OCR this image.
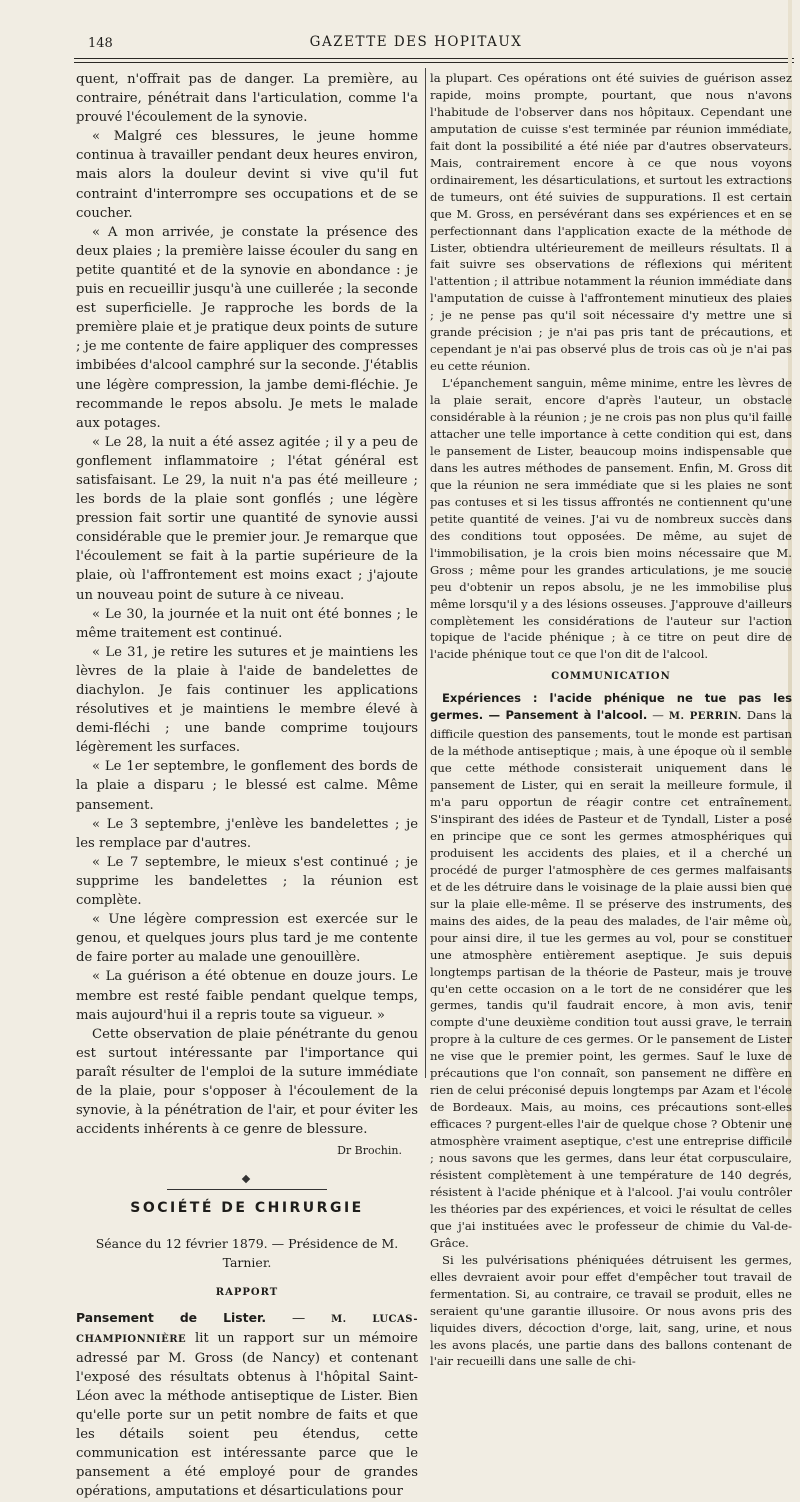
148	GAZETTE DES HOPITAUX

quent, n'offrait pas de danger. La première, au contraire, pénétrait dans l'articulation, comme l'a prouvé l'écoulement de la synovie.

« Malgré ces blessures, le jeune homme continua à travailler pendant deux heures environ, mais alors la douleur devint si vive qu'il fut contraint d'interrompre ses occupations et de se coucher.

« A mon arrivée, je constate la présence des deux plaies ; la première laisse écouler du sang en petite quantité et de la synovie en abondance : je puis en recueillir jusqu'à une cuillerée ; la seconde est superficielle. Je rapproche les bords de la première plaie et je pratique deux points de suture ; je me contente de faire appliquer des compresses imbibées d'alcool camphré sur la seconde. J'établis une légère compression, la jambe demi-fléchie. Je recommande le repos absolu. Je mets le malade aux potages.

« Le 28, la nuit a été assez agitée ; il y a peu de gonflement inflammatoire ; l'état général est satisfaisant. Le 29, la nuit n'a pas été meilleure ; les bords de la plaie sont gonflés ; une légère pression fait sortir une quantité de synovie aussi considérable que le premier jour. Je remarque que l'écoulement se fait à la partie supérieure de la plaie, où l'affrontement est moins exact ; j'ajoute un nouveau point de suture à ce niveau.

« Le 30, la journée et la nuit ont été bonnes ; le même traitement est continué.

« Le 31, je retire les sutures et je maintiens les lèvres de la plaie à l'aide de bandelettes de diachylon. Je fais continuer les applications résolutives et je maintiens le membre élevé à demi-fléchi ; une bande comprime toujours légèrement les surfaces.

« Le 1er septembre, le gonflement des bords de la plaie a disparu ; le blessé est calme. Même pansement.

« Le 3 septembre, j'enlève les bandelettes ; je les remplace par d'autres.

« Le 7 septembre, le mieux s'est continué ; je supprime les bandelettes ; la réunion est complète.

« Une légère compression est exercée sur le genou, et quelques jours plus tard je me contente de faire porter au malade une genouillère.

« La guérison a été obtenue en douze jours. Le membre est resté faible pendant quelque temps, mais aujourd'hui il a repris toute sa vigueur. »

Cette observation de plaie pénétrante du genou est surtout intéressante par l'importance qui paraît résulter de l'emploi de la suture immédiate de la plaie, pour s'opposer à l'écoulement de la synovie, à la pénétration de l'air, et pour éviter les accidents inhérents à ce genre de blessure.

Dr Brochin.

SOCIÉTÉ DE CHIRURGIE

Séance du 12 février 1879. — Présidence de M. Tarnier.

RAPPORT

Pansement de Lister. — M. LUCAS-CHAMPIONNIÈRE lit un rapport sur un mémoire adressé par M. Gross (de Nancy) et contenant l'exposé des résultats obtenus à l'hôpital Saint-Léon avec la méthode antiseptique de Lister. Bien qu'elle porte sur un petit nombre de faits et que les détails soient peu étendus, cette communication est intéressante parce que le pansement a été employé pour de grandes opérations, amputations et désarticulations pour

la plupart. Ces opérations ont été suivies de guérison assez rapide, moins prompte, pourtant, que nous n'avons l'habitude de l'observer dans nos hôpitaux. Cependant une amputation de cuisse s'est terminée par réunion immédiate, fait dont la possibilité a été niée par d'autres observateurs. Mais, contrairement encore à ce que nous voyons ordinairement, les désarticulations, et surtout les extractions de tumeurs, ont été suivies de suppurations. Il est certain que M. Gross, en persévérant dans ses expériences et en se perfectionnant dans l'application exacte de la méthode de Lister, obtiendra ultérieurement de meilleurs résultats. Il a fait suivre ses observations de réflexions qui méritent l'attention ; il attribue notamment la réunion immédiate dans l'amputation de cuisse à l'affrontement minutieux des plaies ; je ne pense pas qu'il soit nécessaire d'y mettre une si grande précision ; je n'ai pas pris tant de précautions, et cependant je n'ai pas observé plus de trois cas où je n'ai pas eu cette réunion.

L'épanchement sanguin, même minime, entre les lèvres de la plaie serait, encore d'après l'auteur, un obstacle considérable à la réunion ; je ne crois pas non plus qu'il faille attacher une telle importance à cette condition qui est, dans le pansement de Lister, beaucoup moins indispensable que dans les autres méthodes de pansement. Enfin, M. Gross dit que la réunion ne sera immédiate que si les plaies ne sont pas contuses et si les tissus affrontés ne contiennent qu'une petite quantité de veines. J'ai vu de nombreux succès dans des conditions tout opposées. De même, au sujet de l'immobilisation, je la crois bien moins nécessaire que M. Gross ; même pour les grandes articulations, je me soucie peu d'obtenir un repos absolu, je ne les immobilise plus même lorsqu'il y a des lésions osseuses. J'approuve d'ailleurs complètement les considérations de l'auteur sur l'action topique de l'acide phénique ; à ce titre on peut dire de l'acide phénique tout ce que l'on dit de l'alcool.

COMMUNICATION

Expériences : l'acide phénique ne tue pas les germes. — Pansement à l'alcool. — M. PERRIN. Dans la difficile question des pansements, tout le monde est partisan de la méthode antiseptique ; mais, à une époque où il semble que cette méthode consisterait uniquement dans le pansement de Lister, qui en serait la meilleure formule, il m'a paru opportun de réagir contre cet entraînement. S'inspirant des idées de Pasteur et de Tyndall, Lister a posé en principe que ce sont les germes atmosphériques qui produisent les accidents des plaies, et il a cherché un procédé de purger l'atmosphère de ces germes malfaisants et de les détruire dans le voisinage de la plaie aussi bien que sur la plaie elle-même. Il se préserve des instruments, des mains des aides, de la peau des malades, de l'air même où, pour ainsi dire, il tue les germes au vol, pour se constituer une atmosphère entièrement aseptique. Je suis depuis longtemps partisan de la théorie de Pasteur, mais je trouve qu'en cette occasion on a le tort de ne considérer que les germes, tandis qu'il faudrait encore, à mon avis, tenir compte d'une deuxième condition tout aussi grave, le terrain propre à la culture de ces germes. Or le pansement de Lister ne vise que le premier point, les germes. Sauf le luxe de précautions que l'on connaît, son pansement ne diffère en rien de celui préconisé depuis longtemps par Azam et l'école de Bordeaux. Mais, au moins, ces précautions sont-elles efficaces ? purgent-elles l'air de quelque chose ? Obtenir une atmosphère vraiment aseptique, c'est une entreprise difficile ; nous savons que les germes, dans leur état corpusculaire, résistent complètement à une température de 140 degrés, résistent à l'acide phénique et à l'alcool. J'ai voulu contrôler les théories par des expériences, et voici le résultat de celles que j'ai instituées avec le professeur de chimie du Val-de-Grâce.

Si les pulvérisations phéniquées détruisent les germes, elles devraient avoir pour effet d'empêcher tout travail de fermentation. Si, au contraire, ce travail se produit, elles ne seraient qu'une garantie illusoire. Or nous avons pris des liquides divers, décoction d'orge, lait, sang, urine, et nous les avons placés, une partie dans des ballons contenant de l'air recueilli dans une salle de chi-
